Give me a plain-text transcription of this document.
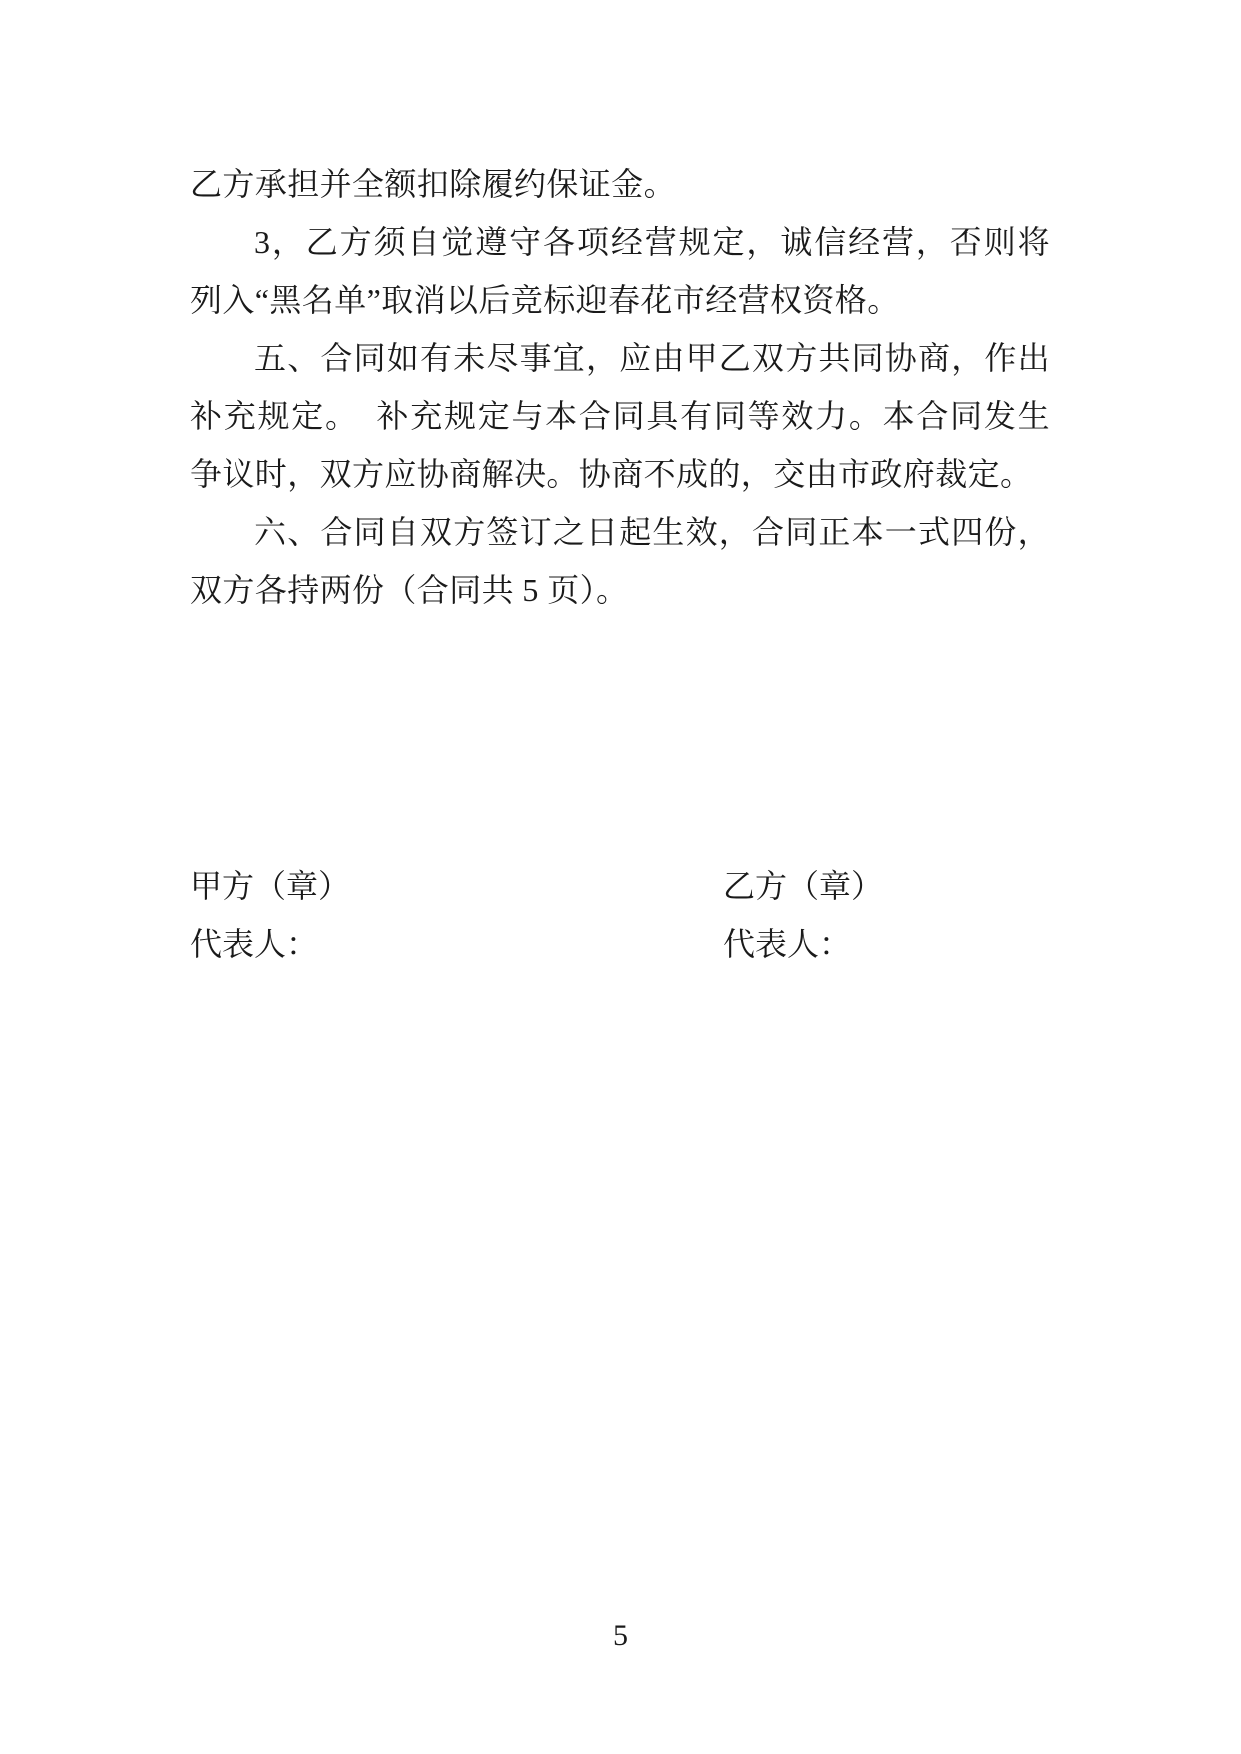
乙方承担并全额扣除履约保证金。
3，乙方须自觉遵守各项经营规定，诚信经营，否则将
列入“黑名单”取消以后竞标迎春花市经营权资格。
五、合同如有未尽事宜，应由甲乙双方共同协商，作出
补充规定。　补充规定与本合同具有同等效力。本合同发生
争议时，双方应协商解决。协商不成的，交由市政府裁定。
六、合同自双方签订之日起生效，合同正本一式四份，
双方各持两份（合同共 5 页）。
甲方（章）
代表人：
乙方（章）
代表人：
5
